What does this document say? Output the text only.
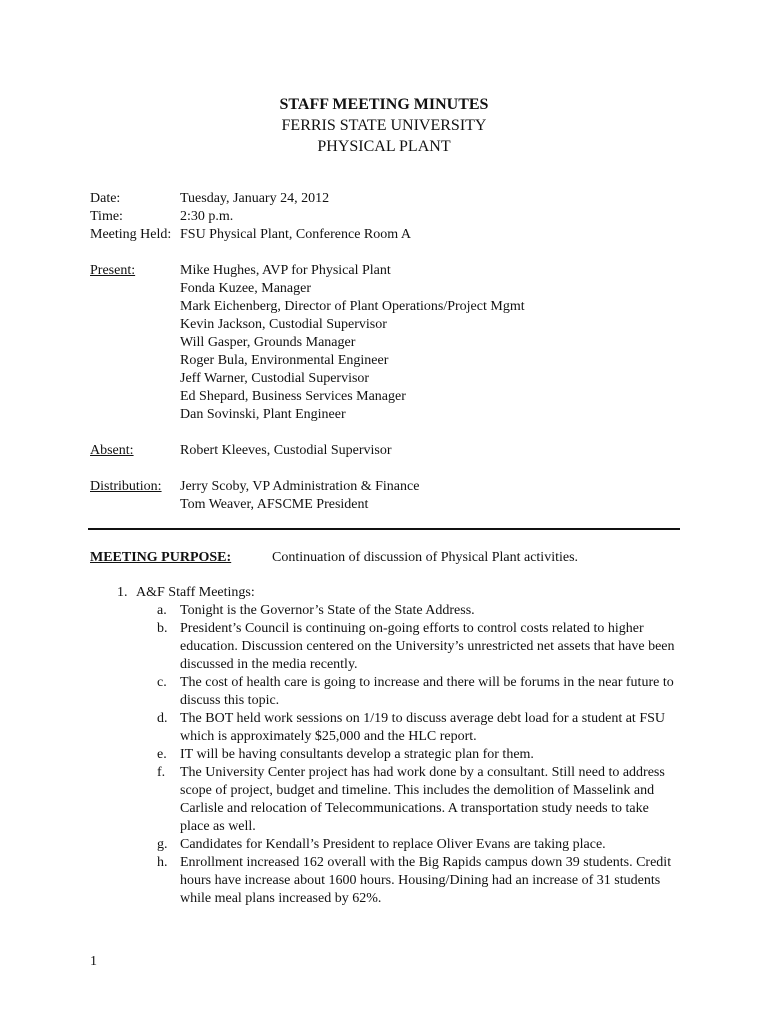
STAFF MEETING MINUTES
FERRIS STATE UNIVERSITY
PHYSICAL PLANT
Date:	Tuesday, January 24, 2012
Time:	2:30 p.m.
Meeting Held: FSU Physical Plant, Conference Room A
Present:	Mike Hughes, AVP for Physical Plant
Fonda Kuzee, Manager
Mark Eichenberg, Director of Plant Operations/Project Mgmt
Kevin Jackson, Custodial Supervisor
Will Gasper, Grounds Manager
Roger Bula, Environmental Engineer
Jeff Warner, Custodial Supervisor
Ed Shepard, Business Services Manager
Dan Sovinski, Plant Engineer
Absent:	Robert Kleeves, Custodial Supervisor
Distribution:	Jerry Scoby, VP Administration & Finance
Tom Weaver, AFSCME President
MEETING PURPOSE:	Continuation of discussion of Physical Plant activities.
1. A&F Staff Meetings:
a. Tonight is the Governor’s State of the State Address.
b. President’s Council is continuing on-going efforts to control costs related to higher education. Discussion centered on the University’s unrestricted net assets that have been discussed in the media recently.
c. The cost of health care is going to increase and there will be forums in the near future to discuss this topic.
d. The BOT held work sessions on 1/19 to discuss average debt load for a student at FSU which is approximately $25,000 and the HLC report.
e. IT will be having consultants develop a strategic plan for them.
f.	The University Center project has had work done by a consultant. Still need to address scope of project, budget and timeline. This includes the demolition of Masselink and Carlisle and relocation of Telecommunications. A transportation study needs to take place as well.
g. Candidates for Kendall’s President to replace Oliver Evans are taking place.
h. Enrollment increased 162 overall with the Big Rapids campus down 39 students. Credit hours have increase about 1600 hours. Housing/Dining had an increase of 31 students while meal plans increased by 62%.
1
